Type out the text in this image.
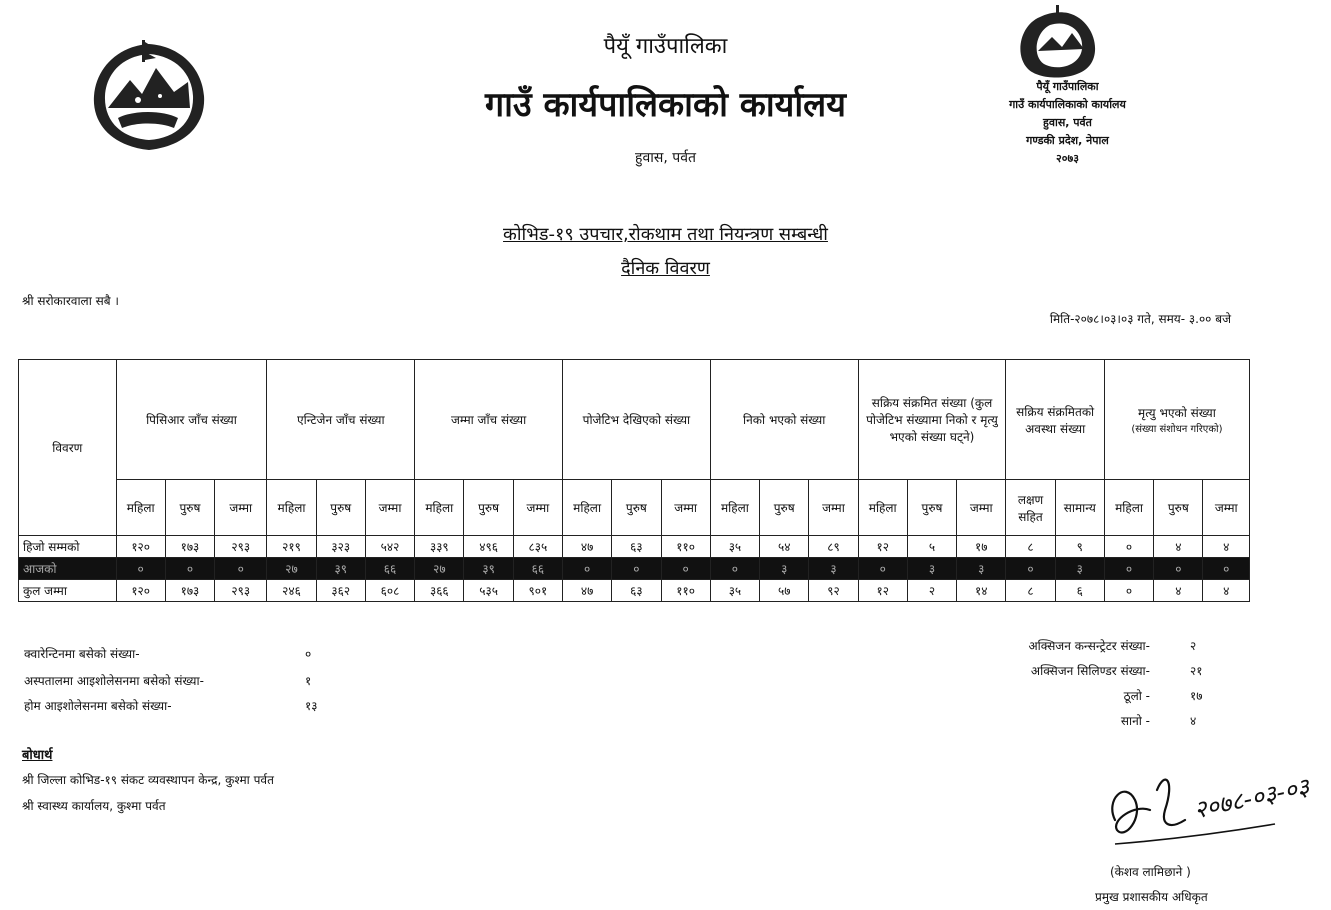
पैयूँ गाउँपालिका
गाउँ कार्यपालिकाको कार्यालय
हुवास, पर्वत
पैयूँ गाउँपालिका
गाउँ कार्यपालिकाको कार्यालय
हुवास, पर्वत
गण्डकी प्रदेश, नेपाल
२०७३
कोभिड-१९ उपचार,रोकथाम तथा नियन्त्रण सम्बन्धी
दैनिक विवरण
श्री सरोकारवाला सबै ।
मिति-२०७८।०३।०३ गते, समय- ३.०० बजे
विवरण	पिसिआर जाँच संख्या			एन्टिजेन जाँच संख्या			जम्मा जाँच संख्या			पोजेटिभ देखिएको संख्या			निको भएको संख्या			सक्रिय संक्रमित संख्या (कुल पोजेटिभ संख्यामा निको र मृत्यु भएको संख्या घट्ने)			सक्रिय संक्रमितको अवस्था संख्या		मृत्यु भएको संख्या
(संख्या संशोधन गरिएको)		

	महिला	पुरुष	जम्मा	महिला	पुरुष	जम्मा	महिला	पुरुष	जम्मा	महिला	पुरुष	जम्मा	महिला	पुरुष	जम्मा	महिला	पुरुष	जम्मा	लक्षण सहित	सामान्य	महिला	पुरुष	जम्मा
हिजो सम्मको	१२०	१७३	२९३	२१९	३२३	५४२	३३९	४९६	८३५	४७	६३	११०	३५	५४	८९	१२	५	१७	८	९	०	४	४
आजको	०	०	०	२७	३९	६६	२७	३९	६६	०	०	०	०	३	३	०	३	३	०	३	०	०	०
कुल जम्मा	१२०	१७३	२९३	२४६	३६२	६०८	३६६	५३५	९०१	४७	६३	११०	३५	५७	९२	१२	२	१४	८	६	०	४	४
क्वारेन्टिनमा बसेको संख्या-	०
अस्पतालमा आइशोलेसनमा बसेको संख्या-	१
होम आइशोलेसनमा बसेको संख्या-	१३
अक्सिजन कन्सन्ट्रेटर संख्या-	२
अक्सिजन सिलिण्डर संख्या-	२१
ठूलो -	१७
सानो -	४
बोधार्थ
श्री जिल्ला कोभिड-१९ संकट व्यवस्थापन केन्द्र, कुश्मा पर्वत
श्री स्वास्थ्य कार्यालय, कुश्मा पर्वत	२०७८-०३-०३
(केशव लामिछाने )
प्रमुख प्रशासकीय अधिकृत
